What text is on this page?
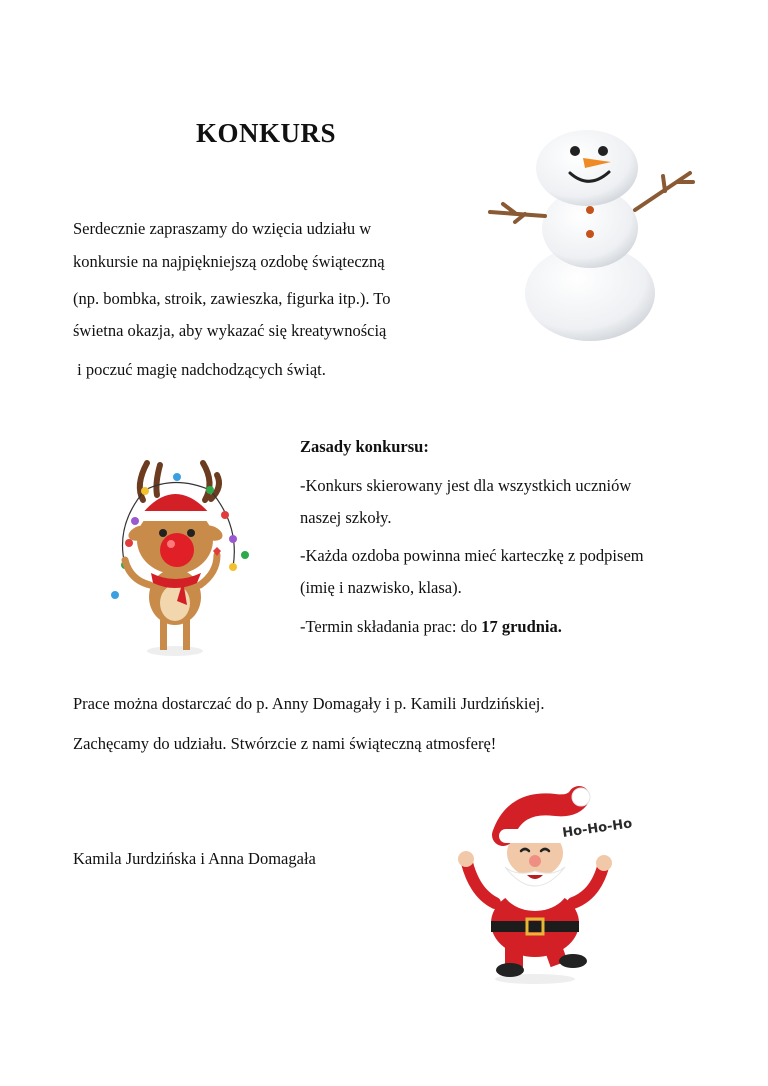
KONKURS
Serdecznie zapraszamy do wzięcia udziału w
konkursie na najpiękniejszą ozdobę świąteczną
(np. bombka, stroik, zawieszka, figurka itp.). To
świetna okazja, aby wykazać się kreatywnością
i poczuć magię nadchodzących świąt.
Zasady konkursu:
-Konkurs skierowany jest dla wszystkich uczniów
naszej szkoły.
-Każda ozdoba powinna mieć karteczkę z podpisem
(imię i nazwisko, klasa).
-Termin składania prac: do 17 grudnia.
Prace można dostarczać do p. Anny Domagały i p. Kamili Jurdzińskiej.
Zachęcamy do udziału. Stwórzcie z nami świąteczną atmosferę!
Kamila Jurdzińska i Anna Domagała
Ho-Ho-Ho
